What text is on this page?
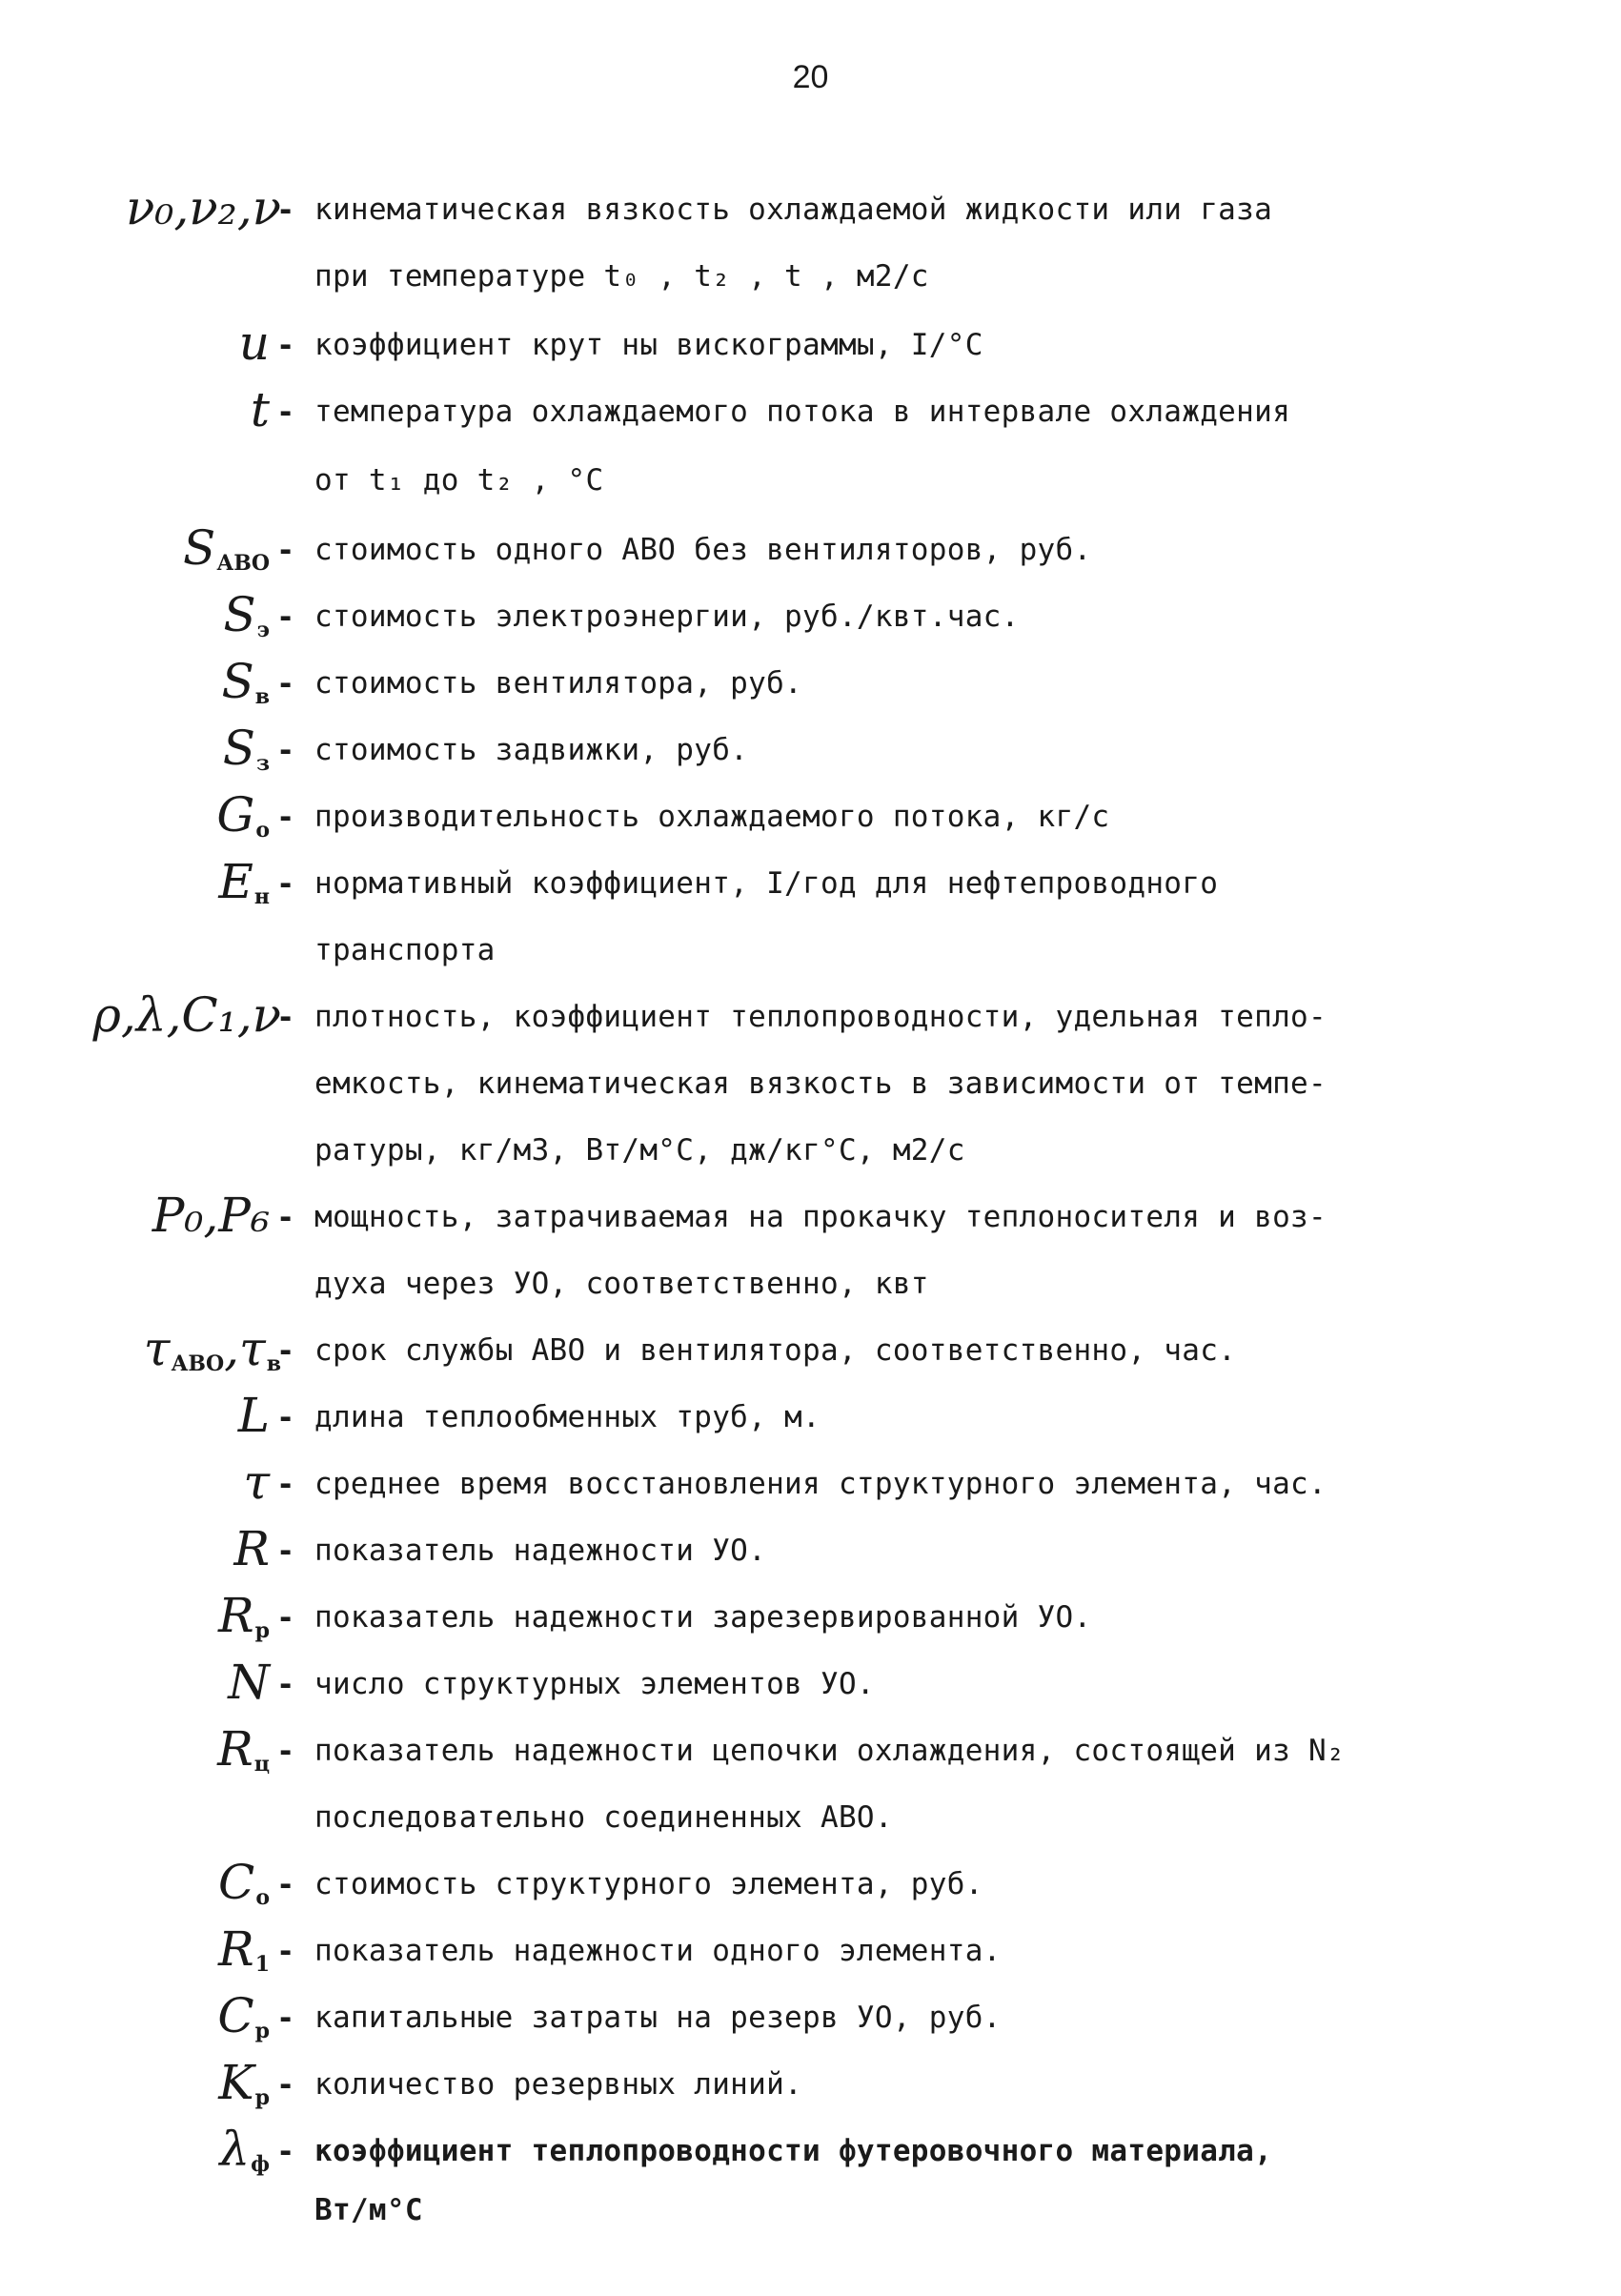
20
ν₀,ν₂,ν
- кинематическая вязкость охлаждаемой жидкости или газа
при температуре t₀ , t₂ , t , м2/с
u - коэффициент крут ны вискограммы, I/°C
t - температура охлаждаемого потока в интервале охлаждения
от t₁ до t₂ , °C
$S_{АВО}$ - стоимость одного АВО без вентиляторов, руб.
$S_э$ - стоимость электроэнергии, руб./квт.час.
$S_в$ - стоимость вентилятора, руб.
$S_з$ - стоимость задвижки, руб.
$G_о$ - производительность охлаждаемого потока, кг/с
$E_н$ - нормативный коэффициент, I/год для нефтепроводного
транспорта
ρ,λ,C₁,ν
- плотность, коэффициент теплопроводности, удельная тепло-
емкость, кинематическая вязкость в зависимости от темпе-
ратуры, кг/м3, Вт/м°С, дж/кг°С, м2/с
P₀,P₆ - мощность, затрачиваемая на прокачку теплоносителя и воз-
духа через УО, соответственно, квт
$\tau_{АВО},\tau_в$
- срок службы АВО и вентилятора, соответственно, час.
L - длина теплообменных труб, м.
τ - среднее время восстановления структурного элемента, час.
R - показатель надежности УО.
$R_р$ - показатель надежности зарезервированной УО.
N - число структурных элементов УО.
$R_ц$ - показатель надежности цепочки охлаждения, состоящей из N₂
последовательно соединенных АВО.
$C_о$ - стоимость структурного элемента, руб.
$R_1$ - показатель надежности одного элемента.
$C_р$ - капитальные затраты на резерв УО, руб.
$K_р$ - количество резервных линий.
$\lambda_ф$ - коэффициент теплопроводности футеровочного материала,
Вт/м°С
